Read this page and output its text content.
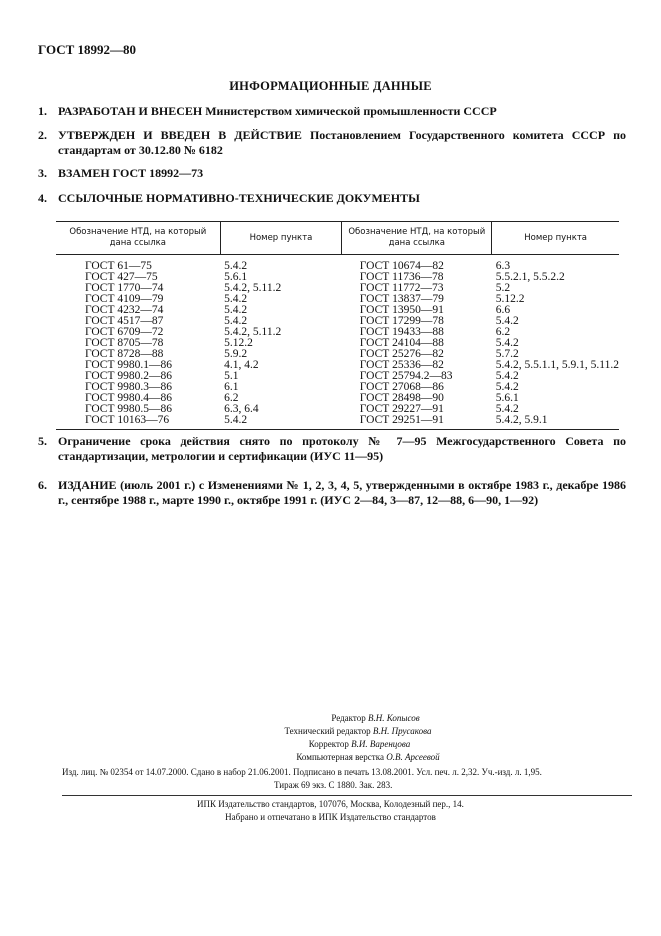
ГОСТ 18992—80
ИНФОРМАЦИОННЫЕ ДАННЫЕ
1. РАЗРАБОТАН И ВНЕСЕН Министерством химической промышленности СССР
2. УТВЕРЖДЕН И ВВЕДЕН В ДЕЙСТВИЕ Постановлением Государственного комитета СССР по стандартам от 30.12.80 № 6182
3. ВЗАМЕН ГОСТ 18992—73
4. ССЫЛОЧНЫЕ НОРМАТИВНО-ТЕХНИЧЕСКИЕ ДОКУМЕНТЫ
Обозначение НТД, на который дана ссылка	Номер пункта	Обозначение НТД, на который дана ссылка	Номер пункта
ГОСТ 61—75	5.4.2	ГОСТ 10674—82	6.3
ГОСТ 427—75	5.6.1	ГОСТ 11736—78	5.5.2.1, 5.5.2.2
ГОСТ 1770—74	5.4.2, 5.11.2	ГОСТ 11772—73	5.2
ГОСТ 4109—79	5.4.2	ГОСТ 13837—79	5.12.2
ГОСТ 4232—74	5.4.2	ГОСТ 13950—91	6.6
ГОСТ 4517—87	5.4.2	ГОСТ 17299—78	5.4.2
ГОСТ 6709—72	5.4.2, 5.11.2	ГОСТ 19433—88	6.2
ГОСТ 8705—78	5.12.2	ГОСТ 24104—88	5.4.2
ГОСТ 8728—88	5.9.2	ГОСТ 25276—82	5.7.2
ГОСТ 9980.1—86	4.1, 4.2	ГОСТ 25336—82	5.4.2, 5.5.1.1, 5.9.1, 5.11.2
ГОСТ 9980.2—86	5.1	ГОСТ 25794.2—83	5.4.2
ГОСТ 9980.3—86	6.1	ГОСТ 27068—86	5.4.2
ГОСТ 9980.4—86	6.2	ГОСТ 28498—90	5.6.1
ГОСТ 9980.5—86	6.3, 6.4	ГОСТ 29227—91	5.4.2
ГОСТ 10163—76	5.4.2	ГОСТ 29251—91	5.4.2, 5.9.1
5. Ограничение срока действия снято по протоколу № 7—95 Межгосударственного Совета по стандартизации, метрологии и сертификации (ИУС 11—95)
6. ИЗДАНИЕ (июль 2001 г.) с Изменениями № 1, 2, 3, 4, 5, утвержденными в октябре 1983 г., декабре 1986 г., сентябре 1988 г., марте 1990 г., октябре 1991 г. (ИУС 2—84, 3—87, 12—88, 6—90, 1—92)
Редактор В.Н. Копысов
Технический редактор В.Н. Прусакова
Корректор В.И. Варенцова
Компьютерная верстка О.В. Арсеевой
Изд. лиц. № 02354 от 14.07.2000. Сдано в набор 21.06.2001. Подписано в печать 13.08.2001. Усл. печ. л. 2,32. Уч.-изд. л. 1,95.
Тираж 69 экз. С 1880. Зак. 283.
ИПК Издательство стандартов, 107076, Москва, Колодезный пер., 14.
Набрано и отпечатано в ИПК Издательство стандартов
